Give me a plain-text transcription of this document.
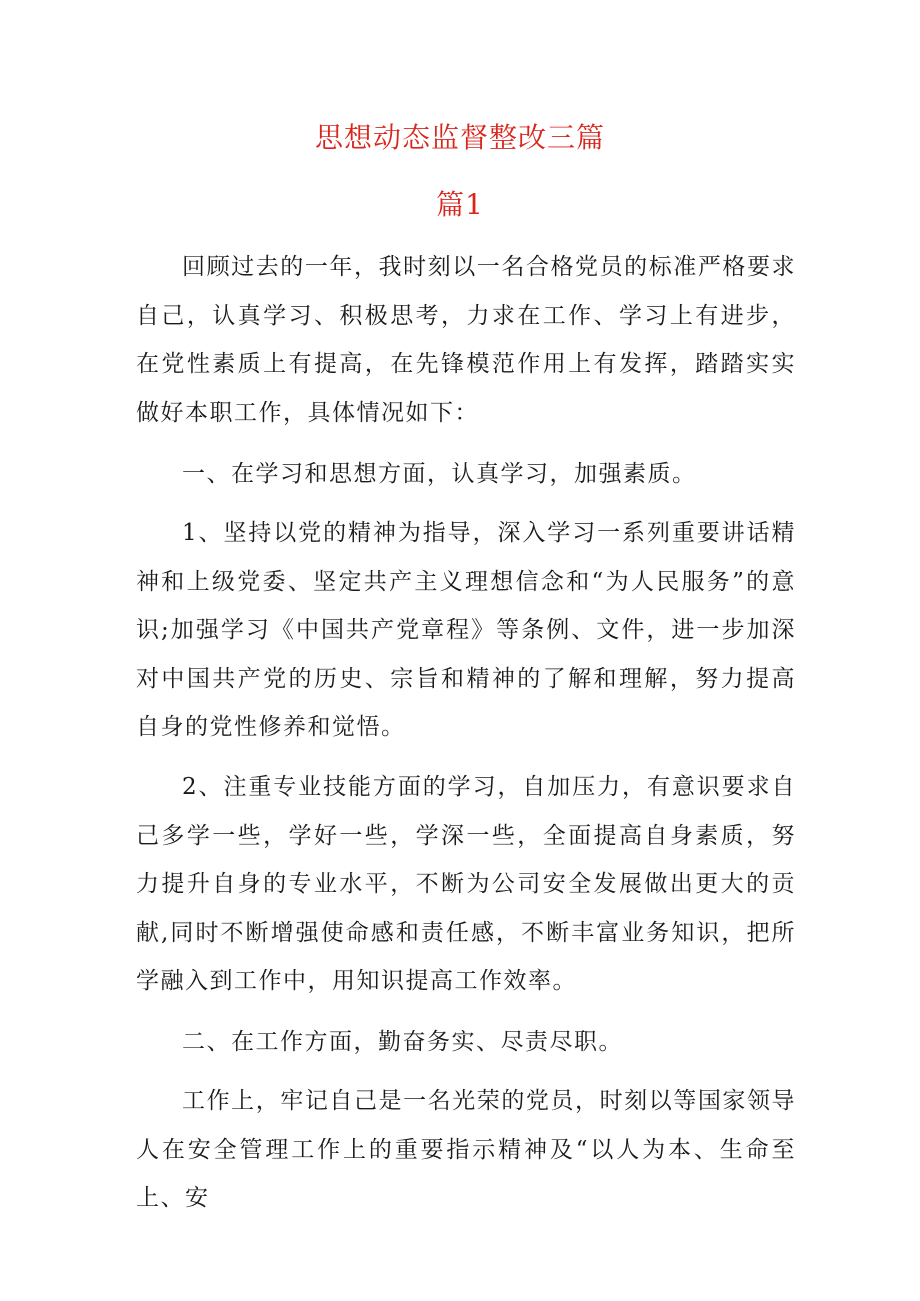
思想动态监督整改三篇
篇1

回顾过去的一年，我时刻以一名合格党员的标准严格要求自己，认真学习、积极思考，力求在工作、学习上有进步，在党性素质上有提高，在先锋模范作用上有发挥，踏踏实实做好本职工作，具体情况如下：

一、在学习和思想方面，认真学习，加强素质。

1、坚持以党的精神为指导，深入学习一系列重要讲话精神和上级党委、坚定共产主义理想信念和“为人民服务”的意识;加强学习《中国共产党章程》等条例、文件，进一步加深对中国共产党的历史、宗旨和精神的了解和理解，努力提高自身的党性修养和觉悟。

2、注重专业技能方面的学习，自加压力，有意识要求自己多学一些，学好一些，学深一些，全面提高自身素质，努力提升自身的专业水平，不断为公司安全发展做出更大的贡献,同时不断增强使命感和责任感，不断丰富业务知识，把所学融入到工作中，用知识提高工作效率。

二、在工作方面，勤奋务实、尽责尽职。

工作上，牢记自己是一名光荣的党员，时刻以等国家领导人在安全管理工作上的重要指示精神及“以人为本、生命至上、安
